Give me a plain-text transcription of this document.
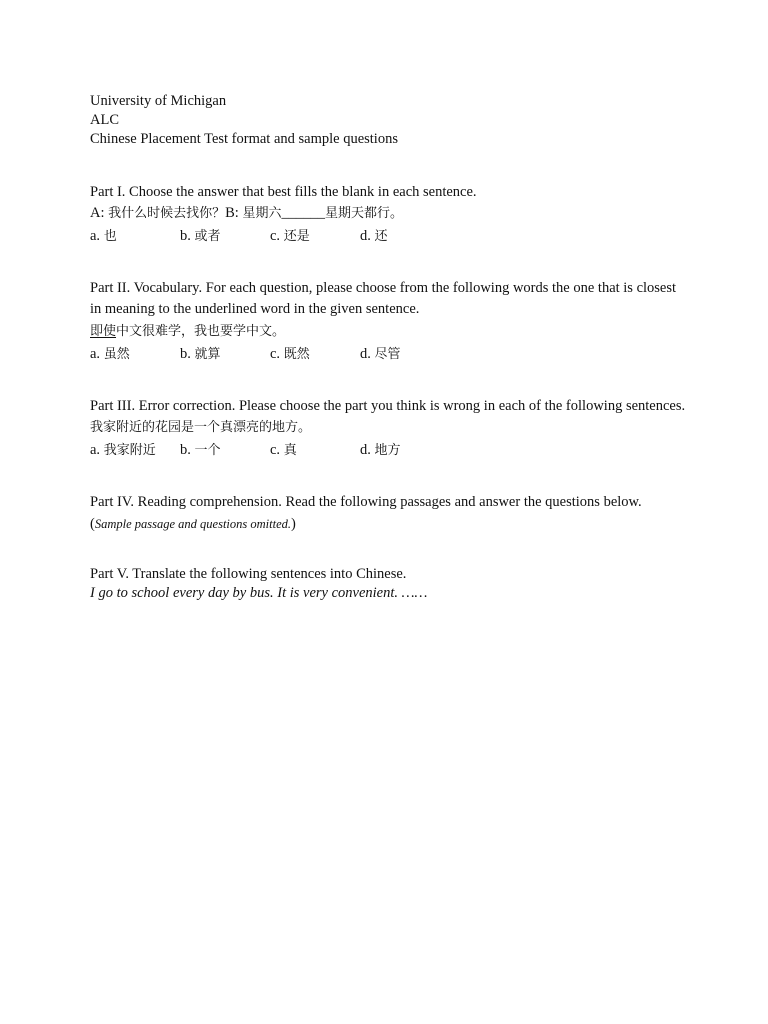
University of Michigan
ALC
Chinese Placement Test format and sample questions
Part I. Choose the answer that best fills the blank in each sentence.
A: 我什么时候去找你？B: 星期六______星期天都行。
a. 也	b. 或者	c. 还是	d. 还
Part II. Vocabulary. For each question, please choose from the following words the one that is closest in meaning to the underlined word in the given sentence.
即使中文很难学，我也要学中文。
a. 虽然	b. 就算	c. 既然	d. 尽管
Part III. Error correction. Please choose the part you think is wrong in each of the following sentences.
我家附近的花园是一个真漂亮的地方。
a. 我家附近	b. 一个	c. 真	d. 地方
Part IV. Reading comprehension. Read the following passages and answer the questions below.
(Sample passage and questions omitted.)
Part V. Translate the following sentences into Chinese.
I go to school every day by bus. It is very convenient. ……
